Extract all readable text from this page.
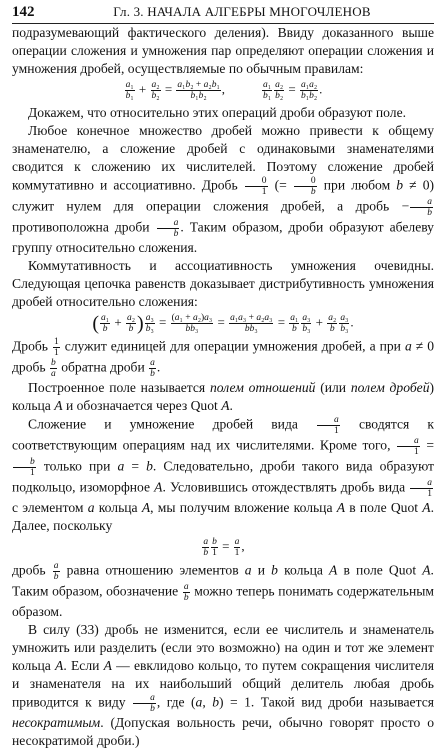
142	Гл. 3. НАЧАЛА АЛГЕБРЫ МНОГОЧЛЕНОВ

подразумевающий фактического деления). Ввиду доказанного выше операции сложения и умножения пар определяют операции сложения и умножения дробей, осуществляемые по обычным правилам:

$\frac{\text{a₁}}{\text{b₁}} + \frac{\text{a₂}}{\text{b₂}} = \frac{\text{a₁b₂ + a₂b₁}}{\text{b₁b₂}}$ ,	$\frac{\text{a₁}}{\text{b₁}} \frac{\text{a₂}}{\text{b₂}} = \frac{\text{a₁a₂}}{\text{b₁b₂}}$ .

Докажем, что относительно этих операций дроби образуют поле.

Любое конечное множество дробей можно привести к общему знаменателю, а сложение дробей с одинаковыми знаменателями сводится к сложению их числителей. Поэтому сложение дробей коммутативно и ассоциативно. Дробь $\frac{0}{1}$ (= $\frac{0}{b}$ при любом b ≠ 0) служит нулем для операции сложения дробей, а дробь − $\frac{a}{b}$
противоположна дроби $\frac{a}{b}$ . Таким образом, дроби образуют абелеву группу относительно сложения.

Коммутативность и ассоциативность умножения очевидны. Следующая цепочка равенств доказывает дистрибутивность умножения дробей относительно сложения:

( $\frac{\text{a₁}}{b} + \frac{\text{a₂}}{b}$ ) $\frac{\text{a₃}}{\text{b₃}} = \frac{\text{(a₁ + a₂)a₃}}{\text{bb₃}} = \frac{\text{a₁a₃ + a₂a₃}}{\text{bb₃}} = \frac{\text{a₁}}{b} \frac{\text{a₃}}{\text{b₃}} + \frac{\text{a₂}}{b} \frac{\text{a₃}}{\text{b₃}}$ .

Дробь $\frac{1}{1}$ служит единицей для операции умножения дробей, а при a ≠ 0 дробь $\frac{b}{a}$ обратна дроби $\frac{a}{b}$ .

Построенное поле называется полем отношений (или полем дробей) кольца A и обозначается через Quot A.

Сложение и умножение дробей вида $\frac{a}{1}$ сводятся к соответствующим операциям над их числителями. Кроме того, $\frac{a}{1}$ =
$\frac{b}{1}$ только при a = b. Следовательно, дроби такого вида образуют подкольцо, изоморфное A. Условившись отождествлять дробь вида $\frac{a}{1}$
с элементом a кольца A, мы получим вложение кольца A в поле Quot A. Далее, поскольку

$\frac{a}{b} \frac{b}{1} = \frac{a}{1}$ ,

дробь $\frac{a}{b}$ равна отношению элементов a и b кольца A в поле Quot A. Таким образом, обозначение $\frac{a}{b}$ можно теперь понимать содержательным образом.

В силу (33) дробь не изменится, если ее числитель и знаменатель умножить или разделить (если это возможно) на один и тот же элемент кольца A. Если A — евклидово кольцо, то путем сокращения числителя и знаменателя на их наибольший общий делитель любая дробь приводится к виду $\frac{a}{b}$ , где (a, b) = 1. Такой вид дроби называется несократимым. (Допуская вольность речи, обычно говорят просто о несократимой дроби.)
